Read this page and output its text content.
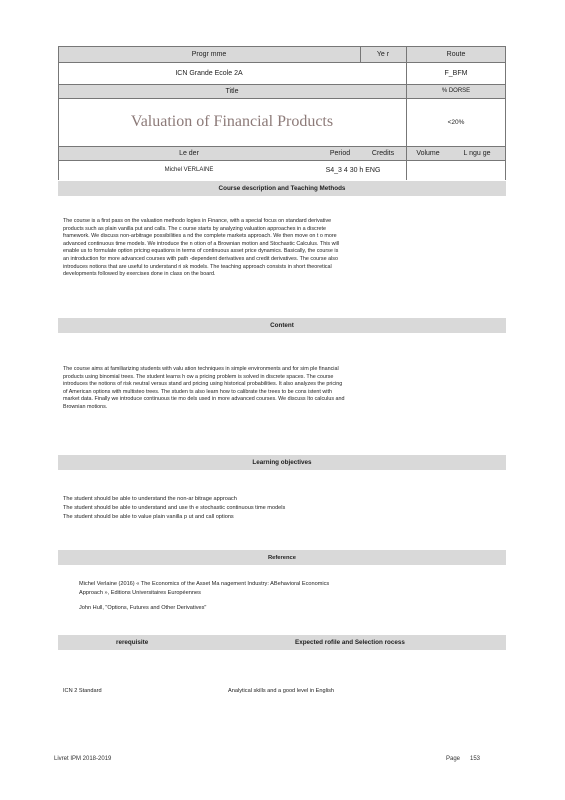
Progr mme	Ye r	Route
ICN Grande Ecole 2A	F_BFM
Title	% DORSE
Valuation of Financial Products	<20%
Le der	Period	Credits	Volume	L ngu ge
Michel VERLAINE	S4_3 4 30 h ENG
Course description and Teaching Methods

The course is a first pass on the valuation methodo logies in Finance, with a special focus on standard derivative

products such as plain vanilla put and calls. The c ourse starts by analyzing valuation approaches in a discrete

framework. We discuss non-arbitrage possibilities a nd the complete markets approach. We then move on t o more

advanced continuous time models. We introduce the n otion of a Brownian motion and Stochastic Calculus. This will

enable us to formulate option pricing equations in terms of continuous asset price dynamics. Basically, the course is

an introduction for more advanced courses with path -dependent derivatives and credit derivatives. The course also

introduces notions that are useful to understand ri sk models. The teaching approach consists in short theoretical

developments followed by exercises done in class on the board.

Content

The course aims at familiarizing students with valu ation techniques in simple environments and for sim ple financial

products using binomial trees. The student learns h ow a pricing problem is solved in discrete spaces. The course

introduces the notions of risk neutral versus stand ard pricing using historical probabilities. It also analyzes the pricing

of American options with multisteo trees. The studen ts also learn how to calibrate the trees to be cons istent with

market data. Finally we introduce continuous tie mo dels used in more advanced courses. We discuss Ito calculus and

Brownian motions.

Learning objectives
The student should be able to understand the non-ar bitrage approach
The student should be able to understand and use th e stochastic continuous time models
The student should be able to value plain vanilla p ut and call options
Reference
Michel Verlaine (2016) « The Economics of the Asset Ma nagement Industry: ABehavioral Economics
Approach », Editions Universitaires Européennes
John Hull, "Options, Futures and Other Derivatives"
rerequisite	Expected rofile and Selection rocess
ICN 2 Standard	Analytical skills and a good level in English
Livret IPM 2018-2019	Page 153
